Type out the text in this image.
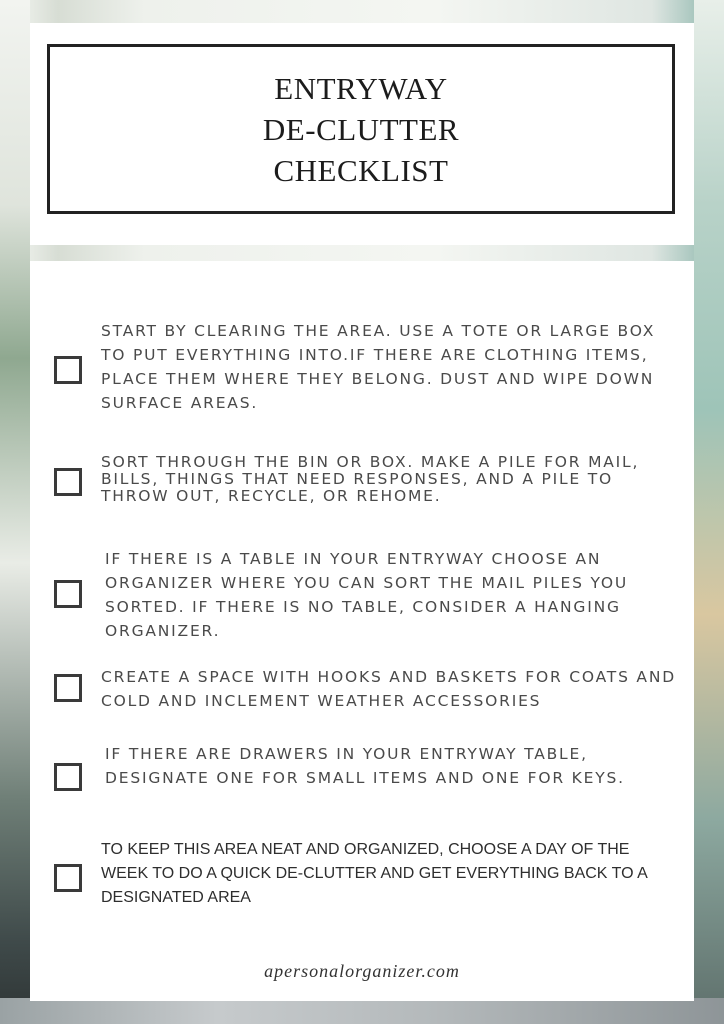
ENTRYWAY
DE-CLUTTER
CHECKLIST
START BY CLEARING THE AREA. USE A TOTE OR LARGE BOX TO PUT EVERYTHING INTO.IF THERE ARE CLOTHING ITEMS, PLACE THEM WHERE THEY BELONG. DUST AND WIPE DOWN SURFACE AREAS.
SORT THROUGH THE BIN OR BOX. MAKE A PILE FOR MAIL, BILLS, THINGS THAT NEED RESPONSES, AND A PILE TO THROW OUT, RECYCLE, OR REHOME.
IF THERE IS A TABLE IN YOUR ENTRYWAY CHOOSE AN ORGANIZER WHERE YOU CAN SORT THE MAIL PILES YOU SORTED. IF THERE IS NO TABLE, CONSIDER A HANGING ORGANIZER.
CREATE A SPACE WITH HOOKS AND BASKETS FOR COATS AND COLD AND INCLEMENT WEATHER ACCESSORIES
IF THERE ARE DRAWERS IN YOUR ENTRYWAY TABLE, DESIGNATE ONE FOR SMALL ITEMS AND ONE FOR KEYS.
TO KEEP THIS AREA NEAT AND ORGANIZED, CHOOSE A DAY OF THE WEEK TO DO A QUICK DE-CLUTTER AND GET EVERYTHING BACK TO A DESIGNATED AREA
apersonalorganizer.com
